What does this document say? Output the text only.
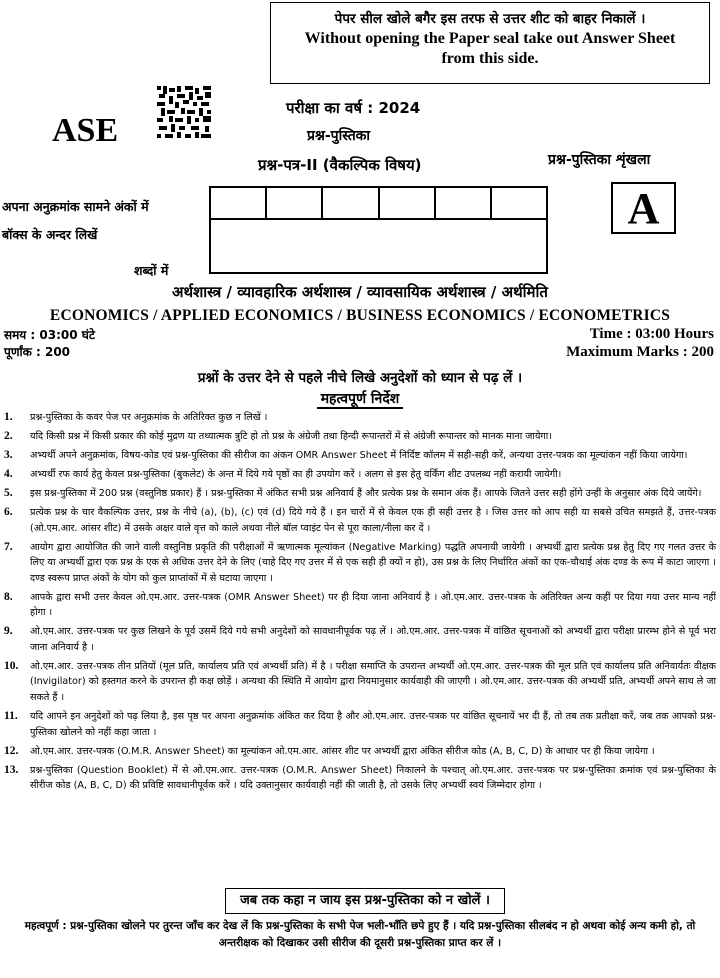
पेपर सील खोले बगैर इस तरफ से उत्तर शीट को बाहर निकालें ।
Without opening the Paper seal take out Answer Sheet
from this side.
ASE
परीक्षा का वर्ष : 2024
प्रश्न-पुस्तिका
प्रश्न-पत्र-II (वैकल्पिक विषय)	प्रश्न-पुस्तिका शृंखला
A
अपना अनुक्रमांक सामने अंकों में
बॉक्स के अन्दर लिखें
शब्दों में
अर्थशास्त्र / व्यावहारिक अर्थशास्त्र / व्यावसायिक अर्थशास्त्र / अर्थमिति
ECONOMICS / APPLIED ECONOMICS / BUSINESS ECONOMICS / ECONOMETRICS
समय : 03:00 घंटे
पूर्णांक : 200
Time : 03:00 Hours
Maximum Marks : 200
प्रश्नों के उत्तर देने से पहले नीचे लिखे अनुदेशों को ध्यान से पढ़ लें ।
महत्वपूर्ण निर्देश
1.	प्रश्न-पुस्तिका के कवर पेज पर अनुक्रमांक के अतिरिक्त कुछ न लिखें ।
2.	यदि किसी प्रश्न में किसी प्रकार की कोई मुद्रण या तथ्यात्मक त्रुटि हो तो प्रश्न के अंग्रेजी तथा हिन्दी रूपान्तरों में से अंग्रेजी रूपान्तर को मानक माना जायेगा।
3.	अभ्यर्थी अपने अनुक्रमांक, विषय-कोड एवं प्रश्न-पुस्तिका की सीरीज का अंकन OMR Answer Sheet में निर्दिष्ट कॉलम में सही-सही करें, अन्यथा उत्तर-पत्रक का मूल्यांकन नहीं किया जायेगा।
4.	अभ्यर्थी रफ कार्य हेतु केवल प्रश्न-पुस्तिका (बुकलेट) के अन्त में दिये गये पृष्ठों का ही उपयोग करें । अलग से इस हेतु वर्किंग शीट उपलब्ध नहीं करायी जायेगी।
5.	इस प्रश्न-पुस्तिका में 200 प्रश्न (वस्तुनिष्ठ प्रकार) हैं । प्रश्न-पुस्तिका में अंकित सभी प्रश्न अनिवार्य हैं और प्रत्येक प्रश्न के समान अंक हैं। आपके जितने उत्तर सही होंगे उन्हीं के अनुसार अंक दिये जायेंगे।
6.	प्रत्येक प्रश्न के चार वैकल्पिक उत्तर, प्रश्न के नीचे (a), (b), (c) एवं (d) दिये गये हैं । इन चारों में से केवल एक ही सही उत्तर है । जिस उत्तर को आप सही या सबसे उचित समझते हैं, उत्तर-पत्रक (ओ.एम.आर. आंसर शीट) में उसके अक्षर वाले वृत्त को काले अथवा नीले बॉल प्वाइंट पेन से पूरा काला/नीला कर दें ।
7.	आयोग द्वारा आयोजित की जाने वाली वस्तुनिष्ठ प्रकृति की परीक्षाओं में ऋणात्मक मूल्यांकन (Negative Marking) पद्धति अपनायी जायेगी । अभ्यर्थी द्वारा प्रत्येक प्रश्न हेतु दिए गए गलत उत्तर के लिए या अभ्यर्थी द्वारा एक प्रश्न के एक से अधिक उत्तर देने के लिए (चाहे दिए गए उत्तर में से एक सही ही क्यों न हो), उस प्रश्न के लिए निर्धारित अंकों का एक-चौथाई अंक दण्ड के रूप में काटा जाएगा । दण्ड स्वरूप प्राप्त अंकों के योग को कुल प्राप्तांकों में से घटाया जाएगा ।
8.	आपके द्वारा सभी उत्तर केवल ओ.एम.आर. उत्तर-पत्रक (OMR Answer Sheet) पर ही दिया जाना अनिवार्य है । ओ.एम.आर. उत्तर-पत्रक के अतिरिक्त अन्य कहीं पर दिया गया उत्तर मान्य नहीं होगा ।
9.	ओ.एम.आर. उत्तर-पत्रक पर कुछ लिखने के पूर्व उसमें दिये गये सभी अनुदेशों को सावधानीपूर्वक पढ़ लें । ओ.एम.आर. उत्तर-पत्रक में वांछित सूचनाओं को अभ्यर्थी द्वारा परीक्षा प्रारम्भ होने से पूर्व भरा जाना अनिवार्य है ।
10.	ओ.एम.आर. उत्तर-पत्रक तीन प्रतियों (मूल प्रति, कार्यालय प्रति एवं अभ्यर्थी प्रति) में है । परीक्षा समाप्ति के उपरान्त अभ्यर्थी ओ.एम.आर. उत्तर-पत्रक की मूल प्रति एवं कार्यालय प्रति अनिवार्यतः वीक्षक (Invigilator) को हस्तगत करने के उपरान्त ही कक्ष छोड़ें । अन्यथा की स्थिति में आयोग द्वारा नियमानुसार कार्यवाही की जाएगी । ओ.एम.आर. उत्तर-पत्रक की अभ्यर्थी प्रति, अभ्यर्थी अपने साथ ले जा सकते हैं ।
11.	यदि आपने इन अनुदेशों को पढ़ लिया है, इस पृष्ठ पर अपना अनुक्रमांक अंकित कर दिया है और ओ.एम.आर. उत्तर-पत्रक पर वांछित सूचनायें भर दी हैं, तो तब तक प्रतीक्षा करें, जब तक आपको प्रश्न-पुस्तिका खोलने को नहीं कहा जाता ।
12.	ओ.एम.आर. उत्तर-पत्रक (O.M.R. Answer Sheet) का मूल्यांकन ओ.एम.आर. आंसर शीट पर अभ्यर्थी द्वारा अंकित सीरीज कोड (A, B, C, D) के आधार पर ही किया जायेगा ।
13.	प्रश्न-पुस्तिका (Question Booklet) में से ओ.एम.आर. उत्तर-पत्रक (O.M.R. Answer Sheet) निकालने के पश्चात् ओ.एम.आर. उत्तर-पत्रक पर प्रश्न-पुस्तिका क्रमांक एवं प्रश्न-पुस्तिका के सीरीज कोड (A, B, C, D) की प्रविष्टि सावधानीपूर्वक करें । यदि उक्तानुसार कार्यवाही नहीं की जाती है, तो उसके लिए अभ्यर्थी स्वयं जिम्मेदार होगा ।
जब तक कहा न जाय इस प्रश्न-पुस्तिका को न खोलें ।
महत्वपूर्ण : प्रश्न-पुस्तिका खोलने पर तुरन्त जाँच कर देख लें कि प्रश्न-पुस्तिका के सभी पेज भली-भाँति छपे हुए हैं । यदि प्रश्न-पुस्तिका सीलबंद न हो अथवा कोई अन्य कमी हो, तो अन्तरीक्षक को दिखाकर उसी सीरीज की दूसरी प्रश्न-पुस्तिका प्राप्त कर लें ।
